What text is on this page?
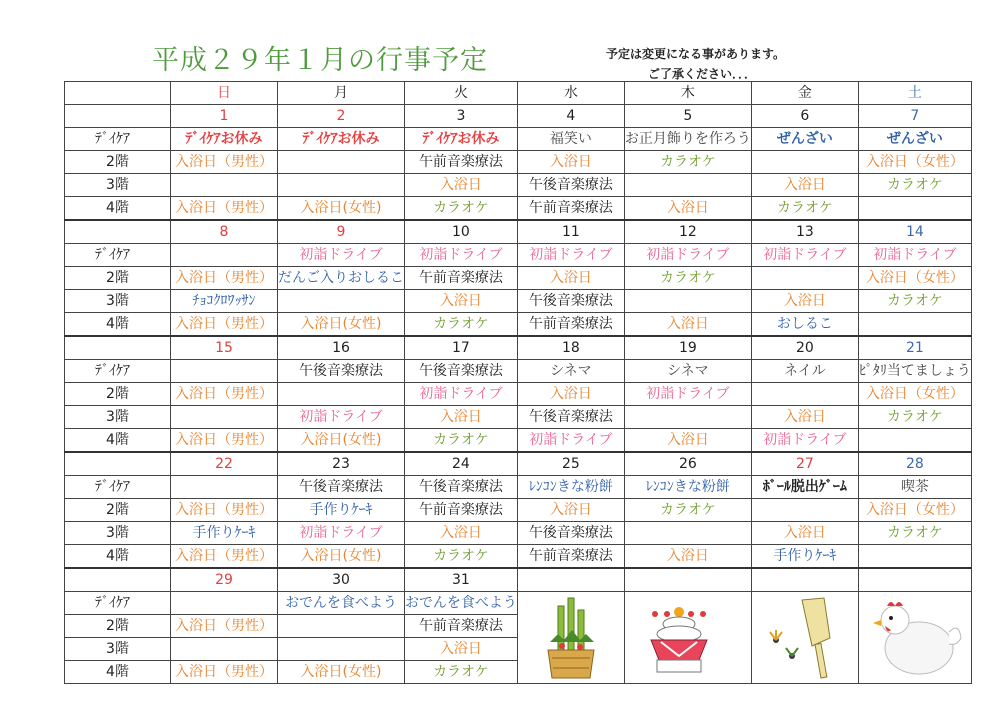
平成２９年１月の行事予定	予定は変更になる事があります。
ご了承ください．．．
	日	月	火	水	木	金	土
	1	2	3	4	5	6	7
ﾃﾞｲｹｱ	ﾃﾞｲｹｱお休み	ﾃﾞｲｹｱお休み	ﾃﾞｲｹｱお休み	福笑い	お正月飾りを作ろう	ぜんざい	ぜんざい
2階	入浴日（男性）		午前音楽療法	入浴日	カラオケ		入浴日（女性）
3階			入浴日	午後音楽療法		入浴日	カラオケ
4階	入浴日（男性）	入浴日(女性)	カラオケ	午前音楽療法	入浴日	カラオケ	
	8	9	10	11	12	13	14
ﾃﾞｲｹｱ		初詣ドライブ	初詣ドライブ	初詣ドライブ	初詣ドライブ	初詣ドライブ	初詣ドライブ
2階	入浴日（男性）	だんご入りおしるこ	午前音楽療法	入浴日	カラオケ		入浴日（女性）
3階	ﾁｮｺｸﾛﾜｯｻﾝ		入浴日	午後音楽療法		入浴日	カラオケ
4階	入浴日（男性）	入浴日(女性)	カラオケ	午前音楽療法	入浴日	おしるこ	
	15	16	17	18	19	20	21
ﾃﾞｲｹｱ		午後音楽療法	午後音楽療法	シネマ	シネマ	ネイル	ﾋﾟﾀﾘ当てましょう
2階	入浴日（男性）		初詣ドライブ	入浴日	初詣ドライブ		入浴日（女性）
3階		初詣ドライブ	入浴日	午後音楽療法		入浴日	カラオケ
4階	入浴日（男性）	入浴日(女性)	カラオケ	初詣ドライブ	入浴日	初詣ドライブ	
	22	23	24	25	26	27	28
ﾃﾞｲｹｱ		午後音楽療法	午後音楽療法	ﾚﾝｺﾝきな粉餅	ﾚﾝｺﾝきな粉餅	ﾎﾞｰﾙ脱出ｹﾞｰﾑ	喫茶
2階	入浴日（男性）	手作りｹｰｷ	午前音楽療法	入浴日	カラオケ		入浴日（女性）
3階	手作りｹｰｷ	初詣ドライブ	入浴日	午後音楽療法		入浴日	カラオケ
4階	入浴日（男性）	入浴日(女性)	カラオケ	午前音楽療法	入浴日	手作りｹｰｷ	
	29	30	31				
ﾃﾞｲｹｱ		おでんを食べよう	おでんを食べよう	

2階	入浴日（男性）		午前音楽療法				
3階			入浴日				
4階	入浴日（男性）	入浴日(女性)	カラオケ				
